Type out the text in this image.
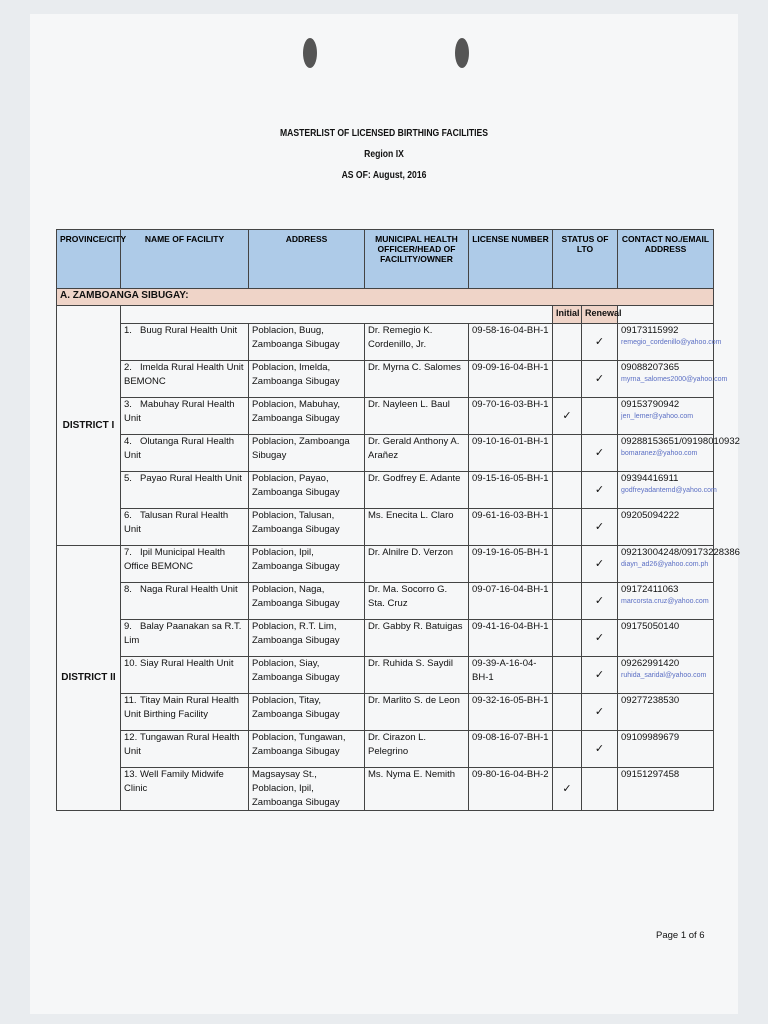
MASTERLIST OF LICENSED BIRTHING FACILITIES
Region IX
AS OF: August, 2016
PROVINCE/CITY	NAME OF FACILITY	ADDRESS	MUNICIPAL HEALTH OFFICER/HEAD OF FACILITY/OWNER	LICENSE NUMBER	STATUS OF LTO		CONTACT NO./EMAIL ADDRESS
A. ZAMBOANGA SIBUGAY:							
DISTRICT I					Initial	Renewal	
	1. Buug Rural Health Unit	Poblacion, Buug, Zamboanga Sibugay	Dr. Remegio K. Cordenillo, Jr.	09-58-16-04-BH-1		✓	09173115992
remegio_cordenillo@yahoo.com

	2. Imelda Rural Health Unit BEMONC	Poblacion, Imelda, Zamboanga Sibugay	Dr. Myrna C. Salomes	09-09-16-04-BH-1		✓	09088207365
myrna_salomes2000@yahoo.com

	3. Mabuhay Rural Health Unit	Poblacion, Mabuhay, Zamboanga Sibugay	Dr. Nayleen L. Baul	09-70-16-03-BH-1	✓		09153790942
jen_lemer@yahoo.com

	4. Olutanga Rural Health Unit	Poblacion, Zamboanga Sibugay	Dr. Gerald Anthony A. Arañez	09-10-16-01-BH-1		✓	09288153651/09198010932
bomaranez@yahoo.com

	5. Payao Rural Health Unit	Poblacion, Payao, Zamboanga Sibugay	Dr. Godfrey E. Adante	09-15-16-05-BH-1		✓	09394416911
godfreyadantemd@yahoo.com

	6. Talusan Rural Health Unit	Poblacion, Talusan, Zamboanga Sibugay	Ms. Enecita L. Claro	09-61-16-03-BH-1		✓	09205094222

DISTRICT II	7. Ipil Municipal Health Office BEMONC	Poblacion, Ipil, Zamboanga Sibugay	Dr. Alnilre D. Verzon	09-19-16-05-BH-1		✓	09213004248/09173228386
diayn_ad26@yahoo.com.ph

	8. Naga Rural Health Unit	Poblacion, Naga, Zamboanga Sibugay	Dr. Ma. Socorro G. Sta. Cruz	09-07-16-04-BH-1		✓	09172411063
marcorsta.cruz@yahoo.com

	9. Balay Paanakan sa R.T. Lim	Poblacion, R.T. Lim, Zamboanga Sibugay	Dr. Gabby R. Batuigas	09-41-16-04-BH-1		✓	09175050140

	10. Siay Rural Health Unit	Poblacion, Siay, Zamboanga Sibugay	Dr. Ruhida S. Saydil	09-39-A-16-04-BH-1		✓	09262991420
ruhida_saridal@yahoo.com

	11. Titay Main Rural Health Unit Birthing Facility	Poblacion, Titay, Zamboanga Sibugay	Dr. Marlito S. de Leon	09-32-16-05-BH-1		✓	09277238530

	12. Tungawan Rural Health Unit	Poblacion, Tungawan, Zamboanga Sibugay	Dr. Cirazon L. Pelegrino	09-08-16-07-BH-1		✓	09109989679

	13. Well Family Midwife Clinic	Magsaysay St., Poblacion, Ipil, Zamboanga Sibugay	Ms. Nyma E. Nemith	09-80-16-04-BH-2	✓		09151297458
Page 1 of 6
